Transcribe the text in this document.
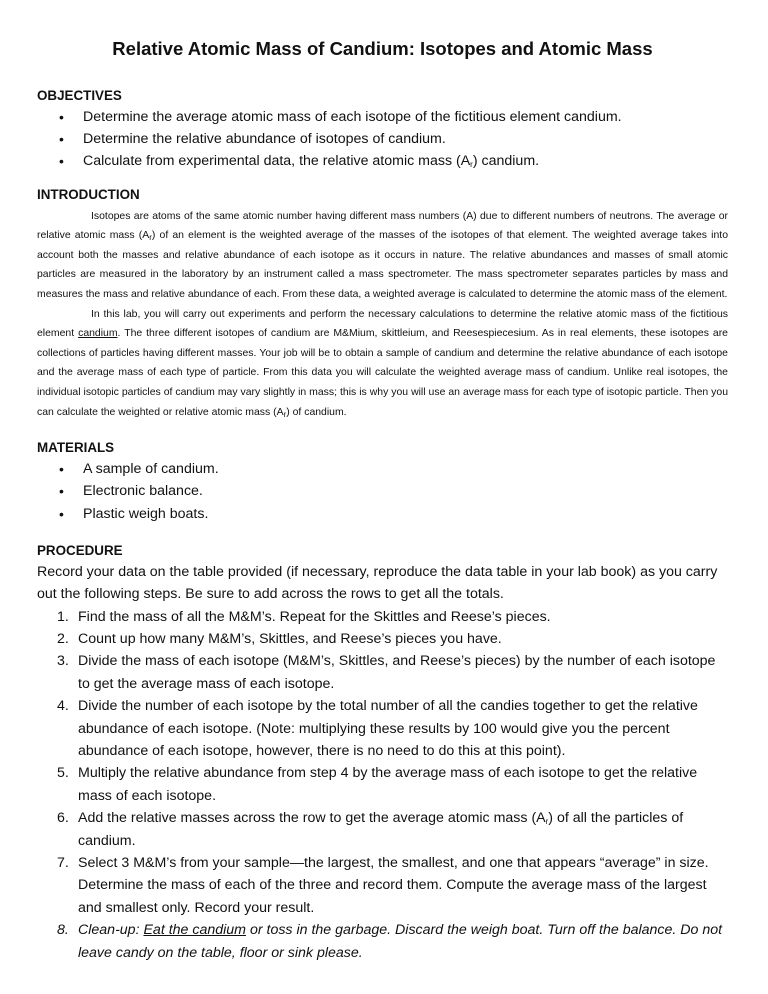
Relative Atomic Mass of Candium: Isotopes and Atomic Mass
OBJECTIVES
• Determine the average atomic mass of each isotope of the fictitious element candium.
• Determine the relative abundance of isotopes of candium.
• Calculate from experimental data, the relative atomic mass $(A_r)$ candium.
INTRODUCTION

Isotopes are atoms of the same atomic number having different mass numbers (A) due to different numbers of neutrons. The average or relative atomic mass $(A_r)$ of an element is the weighted average of the masses of the isotopes of that element. The weighted average takes into account both the masses and relative abundance of each isotope as it occurs in nature. The relative abundances and masses of small atomic particles are measured in the laboratory by an instrument called a mass spectrometer. The mass spectrometer separates particles by mass and measures the mass and relative abundance of each. From these data, a weighted average is calculated to determine the atomic mass of the element.

In this lab, you will carry out experiments and perform the necessary calculations to determine the relative atomic mass of the fictitious element candium. The three different isotopes of candium are M&Mium, skittleium, and Reesespiecesium. As in real elements, these isotopes are collections of particles having different masses. Your job will be to obtain a sample of candium and determine the relative abundance of each isotope and the average mass of each type of particle. From this data you will calculate the weighted average mass of candium. Unlike real isotopes, the individual isotopic particles of candium may vary slightly in mass; this is why you will use an average mass for each type of isotopic particle. Then you can calculate the weighted or relative atomic mass $(A_r)$ of candium.

MATERIALS
• A sample of candium.
• Electronic balance.
• Plastic weigh boats.
PROCEDURE

Record your data on the table provided (if necessary, reproduce the data table in your lab book) as you carry out the following steps. Be sure to add across the rows to get all the totals.

1. Find the mass of all the M&M’s. Repeat for the Skittles and Reese’s pieces.
2. Count up how many M&M’s, Skittles, and Reese’s pieces you have.
3. Divide the mass of each isotope (M&M’s, Skittles, and Reese’s pieces) by the number of each isotope to get the average mass of each isotope.
4. Divide the number of each isotope by the total number of all the candies together to get the relative abundance of each isotope. (Note: multiplying these results by 100 would give you the percent abundance of each isotope, however, there is no need to do this at this point).
5. Multiply the relative abundance from step 4 by the average mass of each isotope to get the relative mass of each isotope.
6. Add the relative masses across the row to get the average atomic mass $(A_r)$ of all the particles of candium.
7. Select 3 M&M’s from your sample—the largest, the smallest, and one that appears “average” in size. Determine the mass of each of the three and record them. Compute the average mass of the largest and smallest only. Record your result.
8. Clean-up: Eat the candium or toss in the garbage. Discard the weigh boat. Turn off the balance. Do not leave candy on the table, floor or sink please.
